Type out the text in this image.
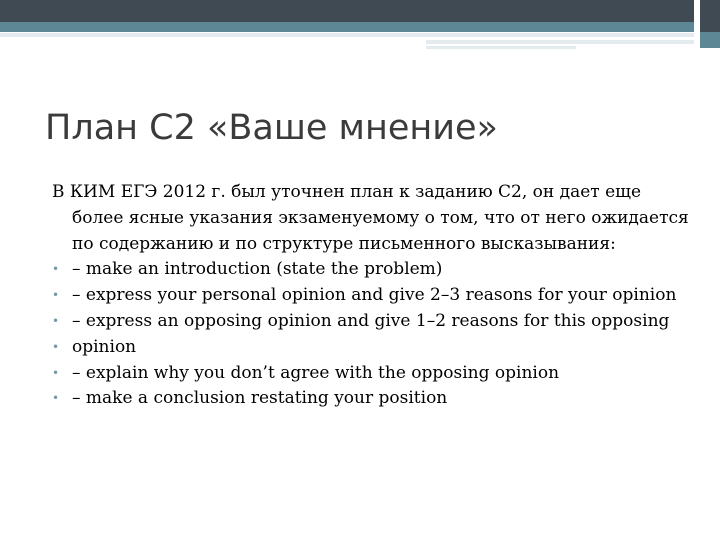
План С2 «Ваше мнение»

В КИМ ЕГЭ 2012 г. был уточнен план к заданию С2, он дает еще более ясные указания экзаменуемому о том, что от него ожидается по содержанию и по структуре письменного высказывания:

• – make an introduction (state the problem)
• – express your personal opinion and give 2–3 reasons for your opinion
• – express an opposing opinion and give 1–2 reasons for this opposing
• opinion
• – explain why you don’t agree with the opposing opinion
• – make a conclusion restating your position
